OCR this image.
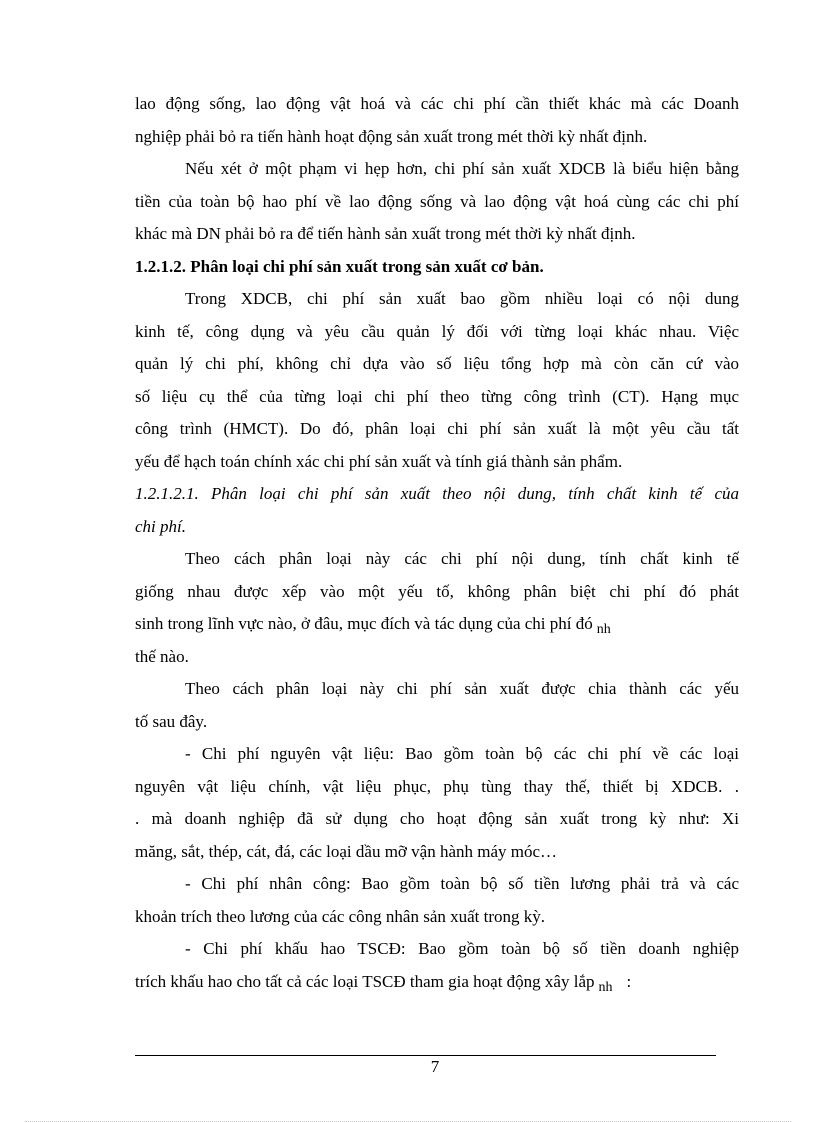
lao động sống, lao động vật hoá và các chi phí cần thiết khác mà các Doanh
nghiệp phải bỏ ra tiến hành hoạt động sản xuất trong mét thời kỳ nhất định.
Nếu xét ở một phạm vi hẹp hơn, chi phí sản xuất XDCB là biểu hiện bằng
tiền của toàn bộ hao phí về lao động sống và lao động vật hoá cùng các chi phí
khác mà DN phải bỏ ra để tiến hành sản xuất trong mét thời kỳ nhất định.
1.2.1.2. Phân loại chi phí sản xuất trong sản xuất cơ bản.
Trong XDCB, chi phí sản xuất bao gồm nhiều loại có nội dung
kinh tế, công dụng và yêu cầu quản lý đối với từng loại khác nhau. Việc
quản lý chi phí, không chỉ dựa vào số liệu tổng hợp mà còn căn cứ vào
số liệu cụ thể của từng loại chi phí theo từng công trình (CT). Hạng mục
công trình (HMCT). Do đó, phân loại chi phí sản xuất là một yêu cầu tất
yếu để hạch toán chính xác chi phí sản xuất và tính giá thành sản phẩm.
1.2.1.2.1. Phân loại chi phí sản xuất theo nội dung, tính chất kinh tế của
chi phí.
Theo cách phân loại này các chi phí nội dung, tính chất kinh tế
giống nhau được xếp vào một yếu tố, không phân biệt chi phí đó phát
sinh trong lĩnh vực nào, ở đâu, mục đích và tác dụng của chi phí đó $_{nh}$
thế nào.
Theo cách phân loại này chi phí sản xuất được chia thành các yếu
tố sau đây.
- Chi phí nguyên vật liệu: Bao gồm toàn bộ các chi phí về các loại
nguyên vật liệu chính, vật liệu phục, phụ tùng thay thế, thiết bị XDCB. .
. mà doanh nghiệp đã sử dụng cho hoạt động sản xuất trong kỳ như: Xi
măng, sắt, thép, cát, đá, các loại dầu mỡ vận hành máy móc…
- Chi phí nhân công: Bao gồm toàn bộ số tiền lương phải trả và các
khoản trích theo lương của các công nhân sản xuất trong kỳ.
- Chi phí khấu hao TSCĐ: Bao gồm toàn bộ số tiền doanh nghiệp
trích khấu hao cho tất cả các loại TSCĐ tham gia hoạt động xây lắp $_{nh}$ :
7
